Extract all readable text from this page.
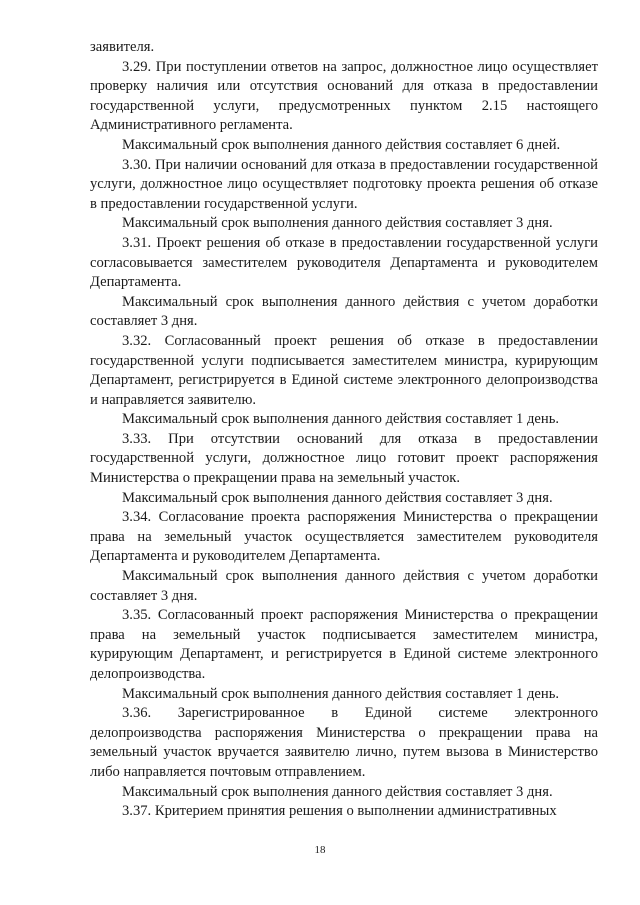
заявителя.

3.29. При поступлении ответов на запрос, должностное лицо осуществляет проверку наличия или отсутствия оснований для отказа в предоставлении государственной услуги, предусмотренных пунктом 2.15 настоящего Административного регламента.

Максимальный срок выполнения данного действия составляет 6 дней.

3.30. При наличии оснований для отказа в предоставлении государственной услуги, должностное лицо осуществляет подготовку проекта решения об отказе в предоставлении государственной услуги.

Максимальный срок выполнения данного действия составляет 3 дня.

3.31. Проект решения об отказе в предоставлении государственной услуги согласовывается заместителем руководителя Департамента и руководителем Департамента.

Максимальный срок выполнения данного действия с учетом доработки составляет 3 дня.

3.32. Согласованный проект решения об отказе в предоставлении государственной услуги подписывается заместителем министра, курирующим Департамент, регистрируется в Единой системе электронного делопроизводства и направляется заявителю.

Максимальный срок выполнения данного действия составляет 1 день.

3.33. При отсутствии оснований для отказа в предоставлении государственной услуги, должностное лицо готовит проект распоряжения Министерства о прекращении права на земельный участок.

Максимальный срок выполнения данного действия составляет 3 дня.

3.34. Согласование проекта распоряжения Министерства о прекращении права на земельный участок осуществляется заместителем руководителя Департамента и руководителем Департамента.

Максимальный срок выполнения данного действия с учетом доработки составляет 3 дня.

3.35. Согласованный проект распоряжения Министерства о прекращении права на земельный участок подписывается заместителем министра, курирующим Департамент, и регистрируется в Единой системе электронного делопроизводства.

Максимальный срок выполнения данного действия составляет 1 день.

3.36. Зарегистрированное в Единой системе электронного делопроизводства распоряжения Министерства о прекращении права на земельный участок вручается заявителю лично, путем вызова в Министерство либо направляется почтовым отправлением.

Максимальный срок выполнения данного действия составляет 3 дня.

3.37. Критерием принятия решения о выполнении административных

18
